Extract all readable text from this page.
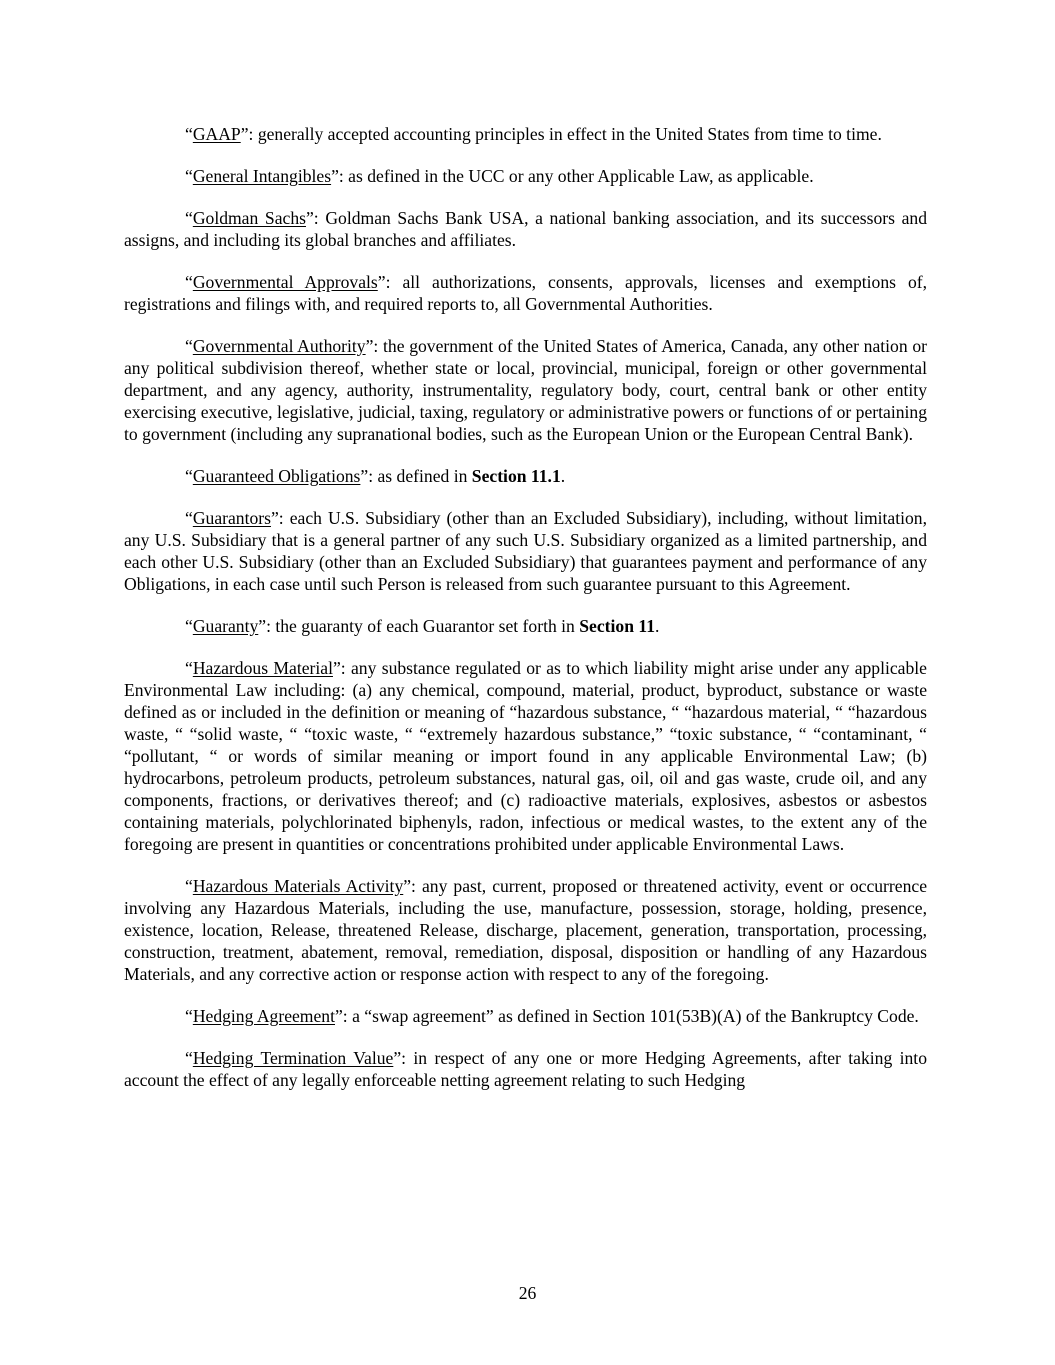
“GAAP”: generally accepted accounting principles in effect in the United States from time to time.

“General Intangibles”: as defined in the UCC or any other Applicable Law, as applicable.

“Goldman Sachs”: Goldman Sachs Bank USA, a national banking association, and its successors and assigns, and including its global branches and affiliates.

“Governmental Approvals”: all authorizations, consents, approvals, licenses and exemptions of, registrations and filings with, and required reports to, all Governmental Authorities.

“Governmental Authority”: the government of the United States of America, Canada, any other nation or any political subdivision thereof, whether state or local, provincial, municipal, foreign or other governmental department, and any agency, authority, instrumentality, regulatory body, court, central bank or other entity exercising executive, legislative, judicial, taxing, regulatory or administrative powers or functions of or pertaining to government (including any supranational bodies, such as the European Union or the European Central Bank).

“Guaranteed Obligations”: as defined in Section 11.1.

“Guarantors”: each U.S. Subsidiary (other than an Excluded Subsidiary), including, without limitation, any U.S. Subsidiary that is a general partner of any such U.S. Subsidiary organized as a limited partnership, and each other U.S. Subsidiary (other than an Excluded Subsidiary) that guarantees payment and performance of any Obligations, in each case until such Person is released from such guarantee pursuant to this Agreement.

“Guaranty”: the guaranty of each Guarantor set forth in Section 11.

“Hazardous Material”: any substance regulated or as to which liability might arise under any applicable Environmental Law including: (a) any chemical, compound, material, product, byproduct, substance or waste defined as or included in the definition or meaning of “hazardous substance, “ “hazardous material, “ “hazardous waste, “ “solid waste, “ “toxic waste, “ “extremely hazardous substance,” “toxic substance, “ “contaminant, “ “pollutant, “ or words of similar meaning or import found in any applicable Environmental Law; (b) hydrocarbons, petroleum products, petroleum substances, natural gas, oil, oil and gas waste, crude oil, and any components, fractions, or derivatives thereof; and (c) radioactive materials, explosives, asbestos or asbestos containing materials, polychlorinated biphenyls, radon, infectious or medical wastes, to the extent any of the foregoing are present in quantities or concentrations prohibited under applicable Environmental Laws.

“Hazardous Materials Activity”: any past, current, proposed or threatened activity, event or occurrence involving any Hazardous Materials, including the use, manufacture, possession, storage, holding, presence, existence, location, Release, threatened Release, discharge, placement, generation, transportation, processing, construction, treatment, abatement, removal, remediation, disposal, disposition or handling of any Hazardous Materials, and any corrective action or response action with respect to any of the foregoing.

“Hedging Agreement”: a “swap agreement” as defined in Section 101(53B)(A) of the Bankruptcy Code.

“Hedging Termination Value”: in respect of any one or more Hedging Agreements, after taking into account the effect of any legally enforceable netting agreement relating to such Hedging

26
